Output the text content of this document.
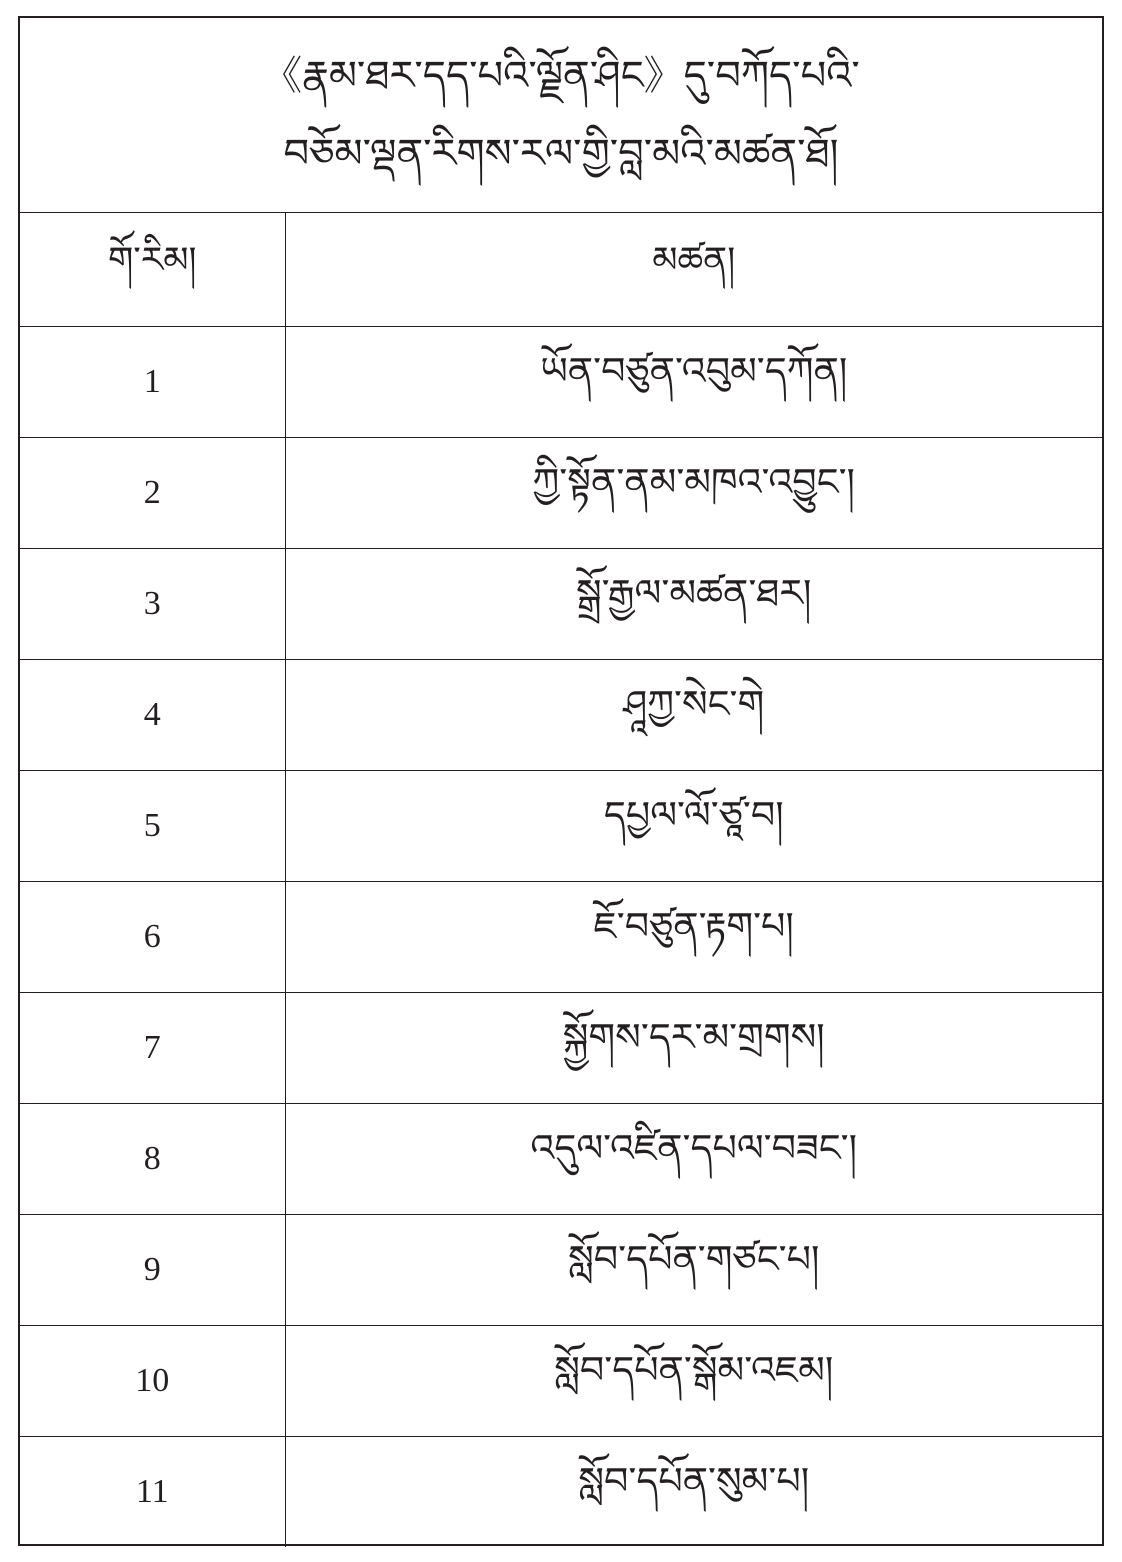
《རྣམ་ཐར་དད་པའི་ལྗོན་ཤིང》དུ་བཀོད་པའི་
བཅོམ་ལྡན་རིགས་རལ་གྱི་བླ་མའི་མཚན་ཐོ།
གོ་རིམ།	མཚན།
1	ཡོན་བཙུན་འབུམ་དཀོན།
2	ཀྱི་སྟོན་ནམ་མཁའ་འབྱུང་།
3	སྒྲོ་རྒྱལ་མཚན་ཐར།
4	ཤཱཀྱ་སེང་གེ
5	དཔྱལ་ལོ་ཙཱ་བ།
6	ཇོ་བཙུན་རྟག་པ།
7	སྐྱོགས་དར་མ་གྲགས།
8	འདུལ་འཛིན་དཔལ་བཟང་།
9	སློབ་དཔོན་གཙང་པ།
10	སློབ་དཔོན་སྒོམ་འཇམ།
11	སློབ་དཔོན་སུམ་པ།
